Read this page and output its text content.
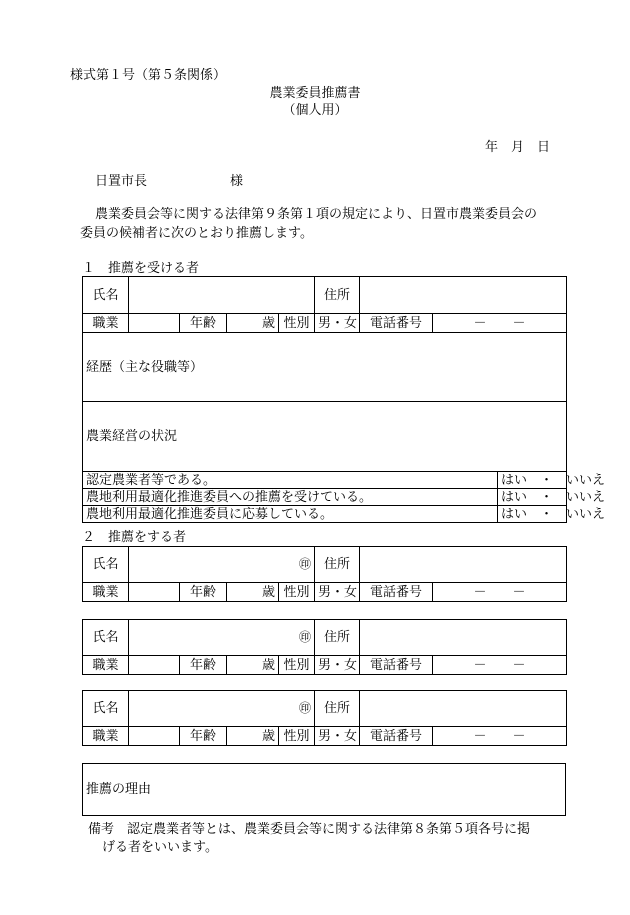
様式第１号（第５条関係）
農業委員推薦書
（個人用）
年　月　日
日置市長	様
農業委員会等に関する法律第９条第１項の規定により、日置市農業委員会の
委員の候補者に次のとおり推薦します。
１　推薦を受ける者
氏名					住所			
職業		年齢	歳	性別	男・女	電話番号	－　　－	
経歴（主な役職等）								
農業経営の状況								
認定農業者等である。								はい　・　いいえ
農地利用最適化推進委員への推薦を受けている。								はい　・　いいえ
農地利用最適化推進委員に応募している。								はい　・　いいえ
２　推薦をする者
氏名	㊞				住所		
職業		年齢	歳	性別	男・女	電話番号	－　　－
氏名	㊞				住所		
職業		年齢	歳	性別	男・女	電話番号	－　　－
氏名	㊞				住所		
職業		年齢	歳	性別	男・女	電話番号	－　　－
推薦の理由
備考　認定農業者等とは、農業委員会等に関する法律第８条第５項各号に掲
げる者をいいます。
